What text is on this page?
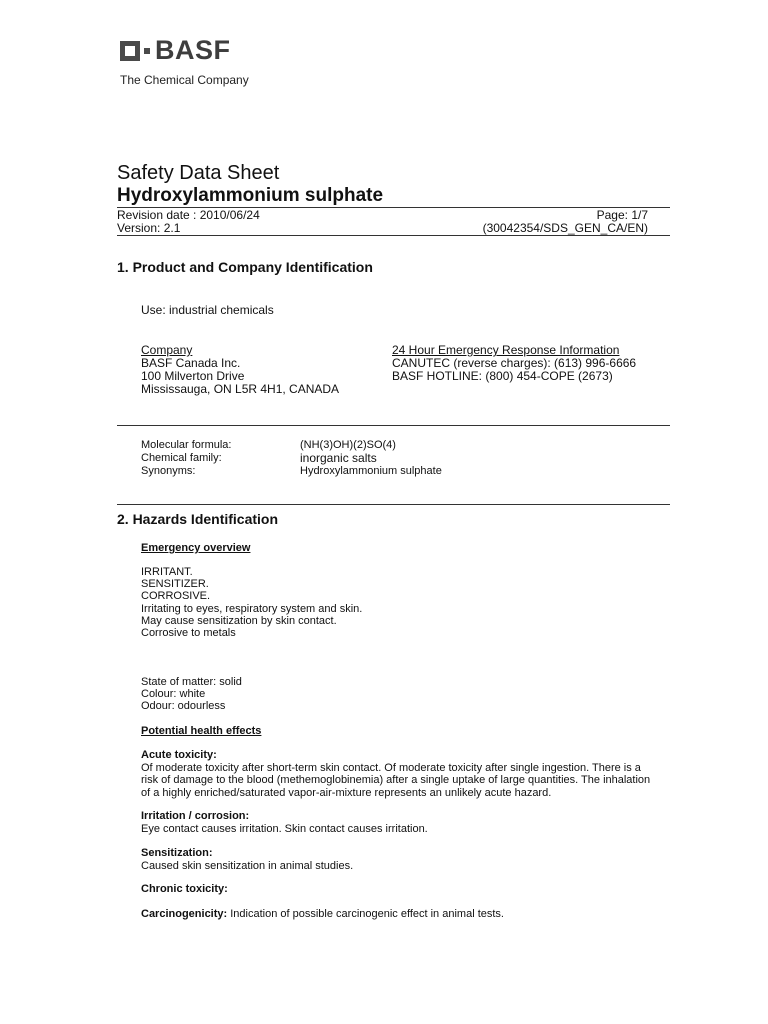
BASF
The Chemical Company
Safety Data Sheet
Hydroxylammonium sulphate
Revision date : 2010/06/24	Page: 1/7
Version: 2.1	(30042354/SDS_GEN_CA/EN)
1. Product and Company Identification
Use: industrial chemicals
Company
BASF Canada Inc.
100 Milverton Drive
Mississauga, ON L5R 4H1, CANADA
24 Hour Emergency Response Information
CANUTEC (reverse charges): (613) 996-6666
BASF HOTLINE: (800) 454-COPE (2673)
Molecular formula:
Chemical family:
Synonyms:
(NH(3)OH)(2)SO(4)
inorganic salts
Hydroxylammonium sulphate
2. Hazards Identification
Emergency overview
IRRITANT.
SENSITIZER.
CORROSIVE.
Irritating to eyes, respiratory system and skin.
May cause sensitization by skin contact.
Corrosive to metals
State of matter: solid
Colour: white
Odour: odourless
Potential health effects
Acute toxicity:
Of moderate toxicity after short-term skin contact. Of moderate toxicity after single ingestion. There is a risk of damage to the blood (methemoglobinemia) after a single uptake of large quantities. The inhalation of a highly enriched/saturated vapor-air-mixture represents an unlikely acute hazard.
Irritation / corrosion:
Eye contact causes irritation. Skin contact causes irritation.
Sensitization:
Caused skin sensitization in animal studies.
Chronic toxicity:
Carcinogenicity: Indication of possible carcinogenic effect in animal tests.
